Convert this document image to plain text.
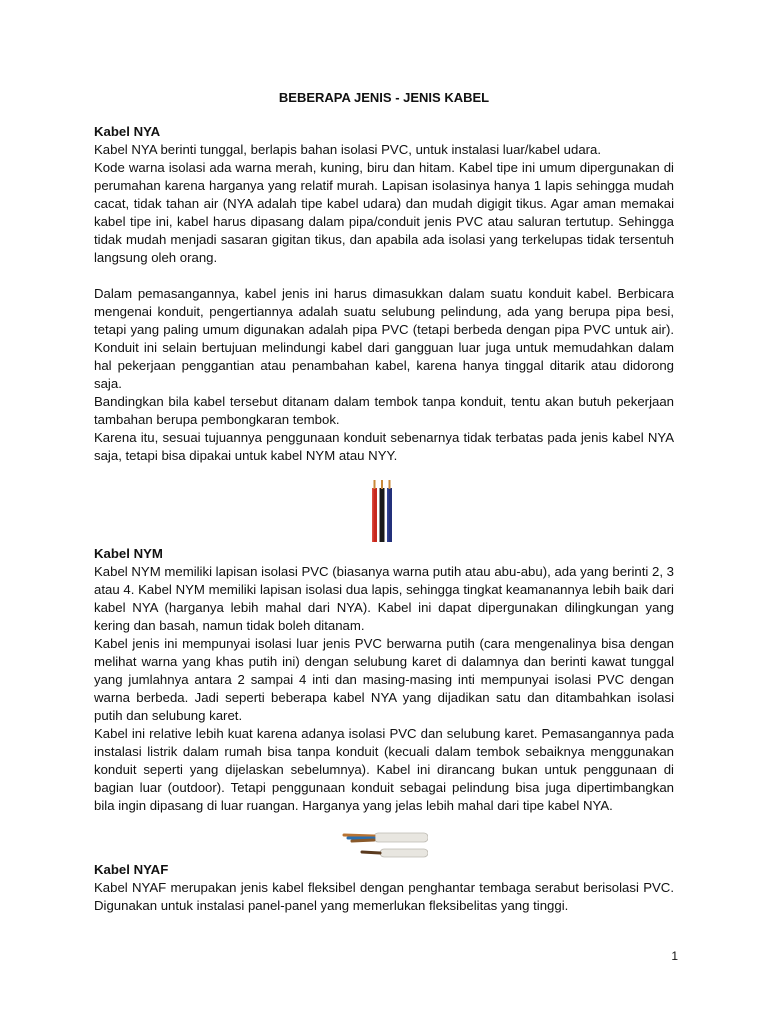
BEBERAPA JENIS - JENIS KABEL

Kabel NYA

Kabel NYA berinti tunggal, berlapis bahan isolasi PVC, untuk instalasi luar/kabel udara.

Kode warna isolasi ada warna merah, kuning, biru dan hitam. Kabel tipe ini umum dipergunakan di perumahan karena harganya yang relatif murah. Lapisan isolasinya hanya 1 lapis sehingga mudah cacat, tidak tahan air (NYA adalah tipe kabel udara) dan mudah digigit tikus. Agar aman memakai kabel tipe ini, kabel harus dipasang dalam pipa/conduit jenis PVC atau saluran tertutup. Sehingga tidak mudah menjadi sasaran gigitan tikus, dan apabila ada isolasi yang terkelupas tidak tersentuh langsung oleh orang.

Dalam pemasangannya, kabel jenis ini harus dimasukkan dalam suatu konduit kabel. Berbicara mengenai konduit, pengertiannya adalah suatu selubung pelindung, ada yang berupa pipa besi, tetapi yang paling umum digunakan adalah pipa PVC (tetapi berbeda dengan pipa PVC untuk air). Konduit ini selain bertujuan melindungi kabel dari gangguan luar juga untuk memudahkan dalam hal pekerjaan penggantian atau penambahan kabel, karena hanya tinggal ditarik atau didorong saja.

Bandingkan bila kabel tersebut ditanam dalam tembok tanpa konduit, tentu akan butuh pekerjaan tambahan berupa pembongkaran tembok.

Karena itu, sesuai tujuannya penggunaan konduit sebenarnya tidak terbatas pada jenis kabel NYA saja, tetapi bisa dipakai untuk kabel NYM atau NYY.

Kabel NYM

Kabel NYM memiliki lapisan isolasi PVC (biasanya warna putih atau abu-abu), ada yang berinti 2, 3 atau 4. Kabel NYM memiliki lapisan isolasi dua lapis, sehingga tingkat keamanannya lebih baik dari kabel NYA (harganya lebih mahal dari NYA). Kabel ini dapat dipergunakan dilingkungan yang kering dan basah, namun tidak boleh ditanam.

Kabel jenis ini mempunyai isolasi luar jenis PVC berwarna putih (cara mengenalinya bisa dengan melihat warna yang khas putih ini) dengan selubung karet di dalamnya dan berinti kawat tunggal yang jumlahnya antara 2 sampai 4 inti dan masing-masing inti mempunyai isolasi PVC dengan warna berbeda. Jadi seperti beberapa kabel NYA yang dijadikan satu dan ditambahkan isolasi putih dan selubung karet.

Kabel ini relative lebih kuat karena adanya isolasi PVC dan selubung karet. Pemasangannya pada instalasi listrik dalam rumah bisa tanpa konduit (kecuali dalam tembok sebaiknya menggunakan konduit seperti yang dijelaskan sebelumnya). Kabel ini dirancang bukan untuk penggunaan di bagian luar (outdoor). Tetapi penggunaan konduit sebagai pelindung bisa juga dipertimbangkan bila ingin dipasang di luar ruangan. Harganya yang jelas lebih mahal dari tipe kabel NYA.

Kabel NYAF

Kabel NYAF merupakan jenis kabel fleksibel dengan penghantar tembaga serabut berisolasi PVC. Digunakan untuk instalasi panel-panel yang memerlukan fleksibelitas yang tinggi.

1
